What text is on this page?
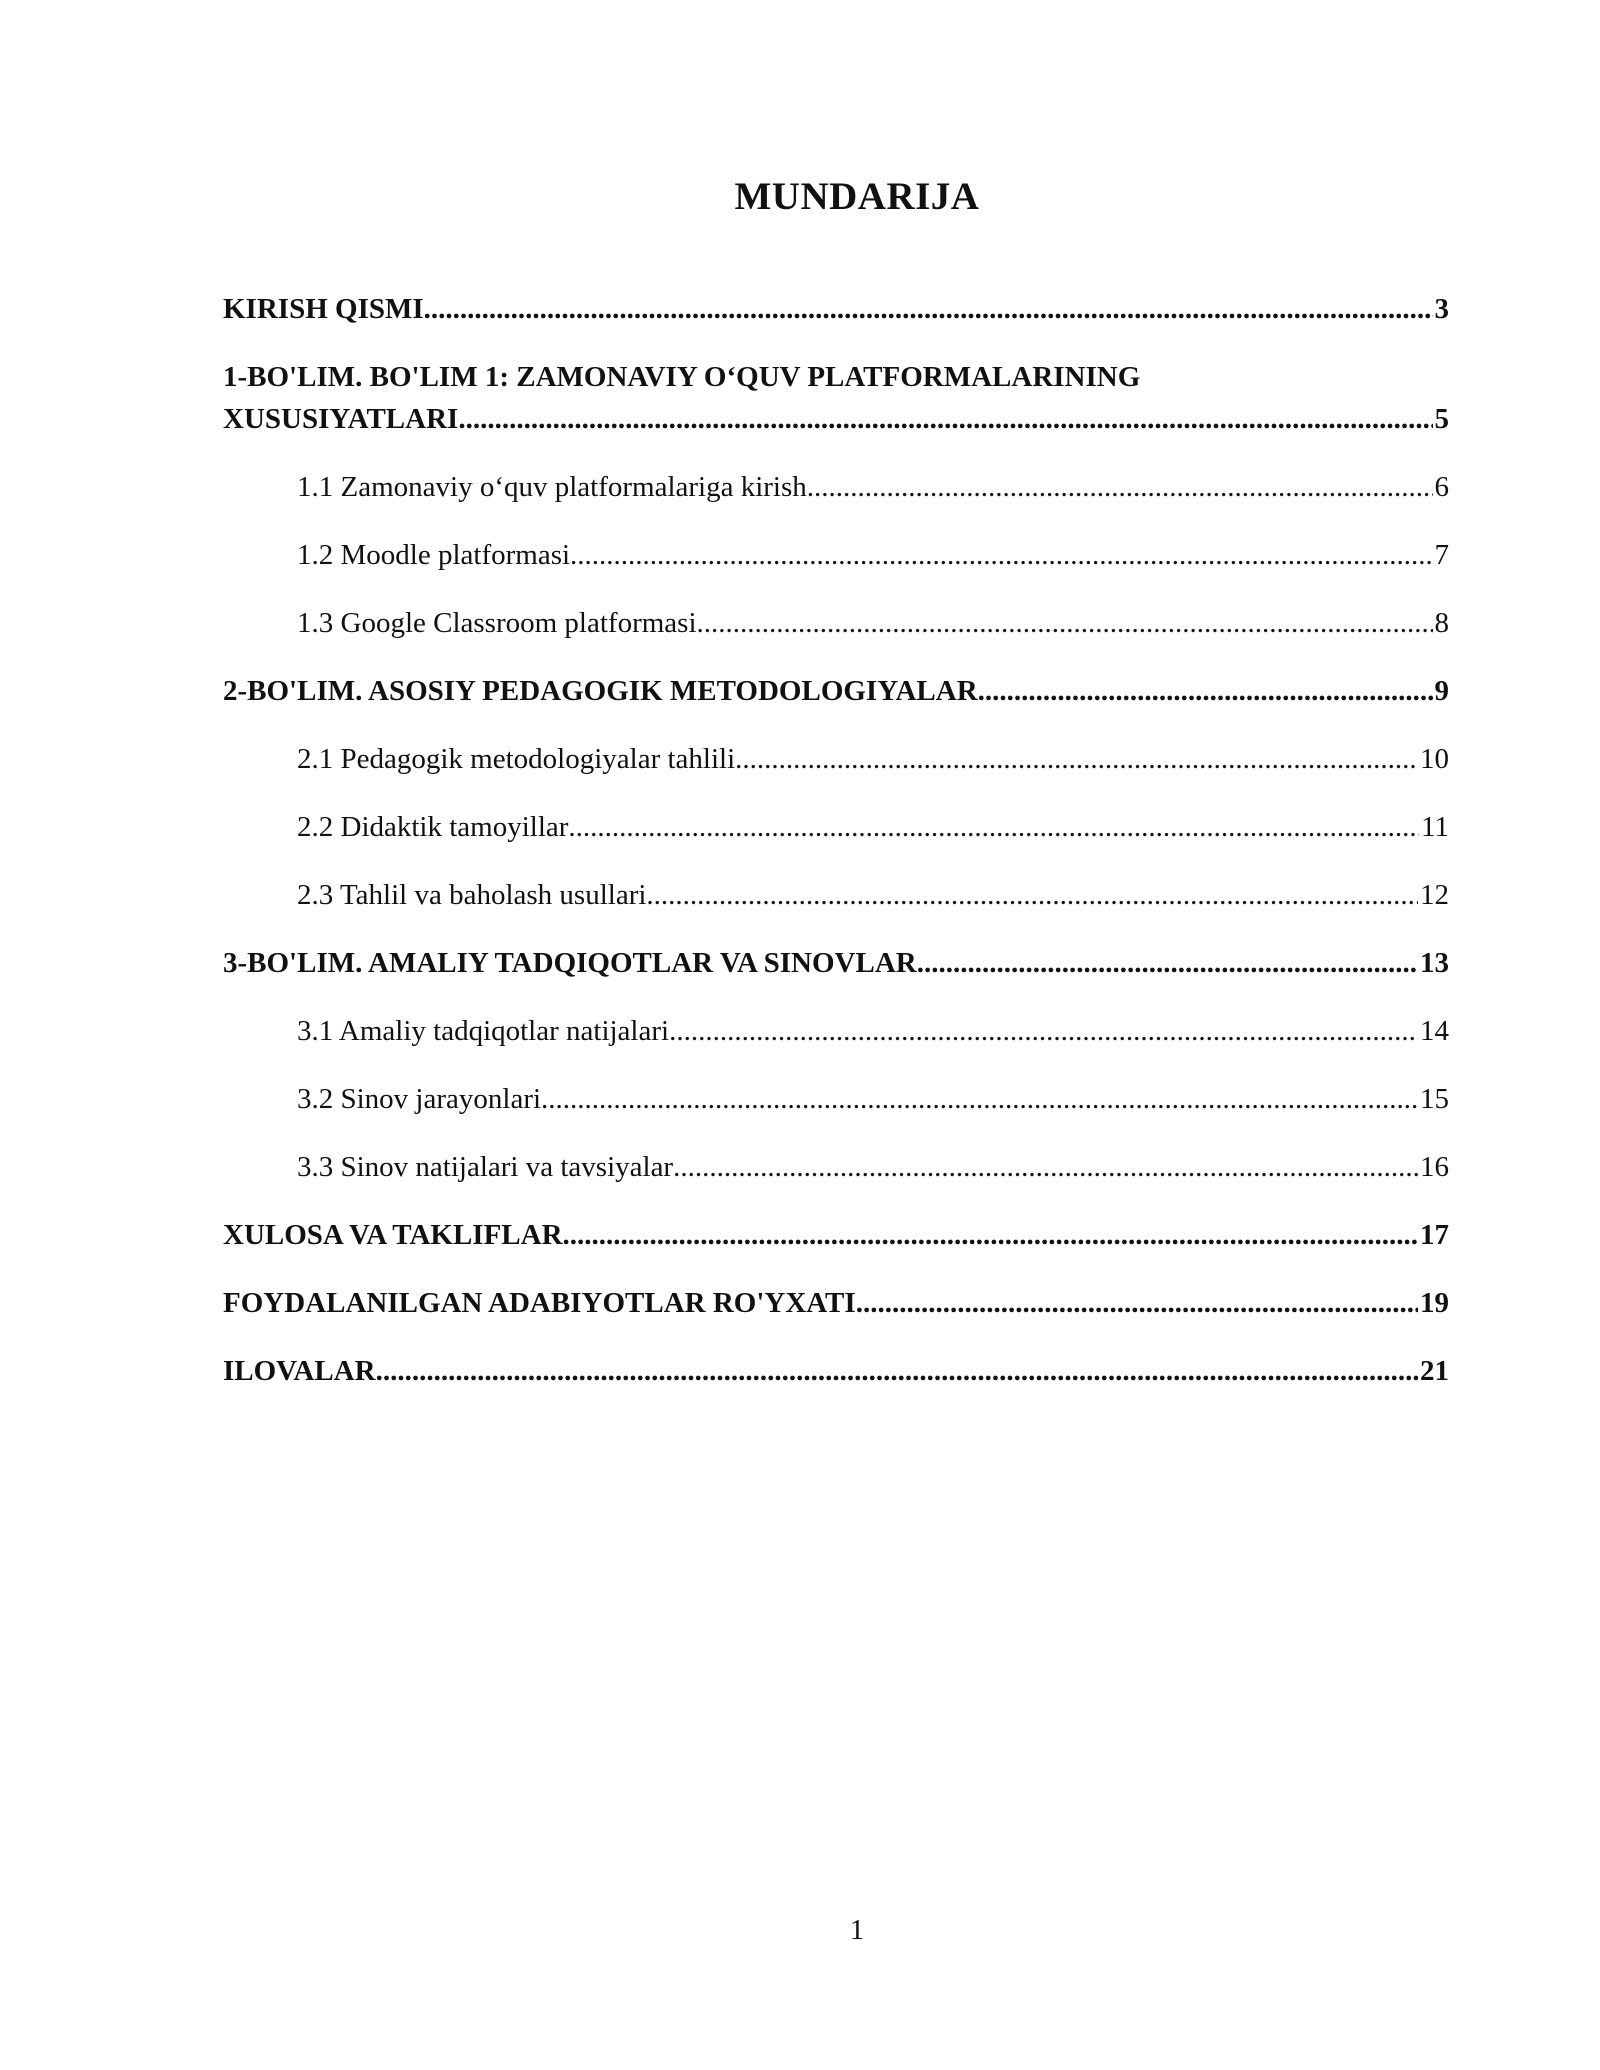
MUNDARIJA
KIRISH QISMI .....	3
1-BO'LIM. BO'LIM 1: ZAMONAVIY O‘QUV PLATFORMALARINING
XUSUSIYATLARI .....	5
1.1 Zamonaviy o‘quv platformalariga kirish .....	6
1.2 Moodle platformasi .....	7
1.3 Google Classroom platformasi .....	8
2-BO'LIM. ASOSIY PEDAGOGIK METODOLOGIYALAR .....	9
2.1 Pedagogik metodologiyalar tahlili .....	10
2.2 Didaktik tamoyillar .....	11
2.3 Tahlil va baholash usullari .....	12
3-BO'LIM. AMALIY TADQIQOTLAR VA SINOVLAR .....	13
3.1 Amaliy tadqiqotlar natijalari .....	14
3.2 Sinov jarayonlari .....	15
3.3 Sinov natijalari va tavsiyalar .....	16
XULOSA VA TAKLIFLAR .....	17
FOYDALANILGAN ADABIYOTLAR RO'YXATI .....	19
ILOVALAR .....	21
1
